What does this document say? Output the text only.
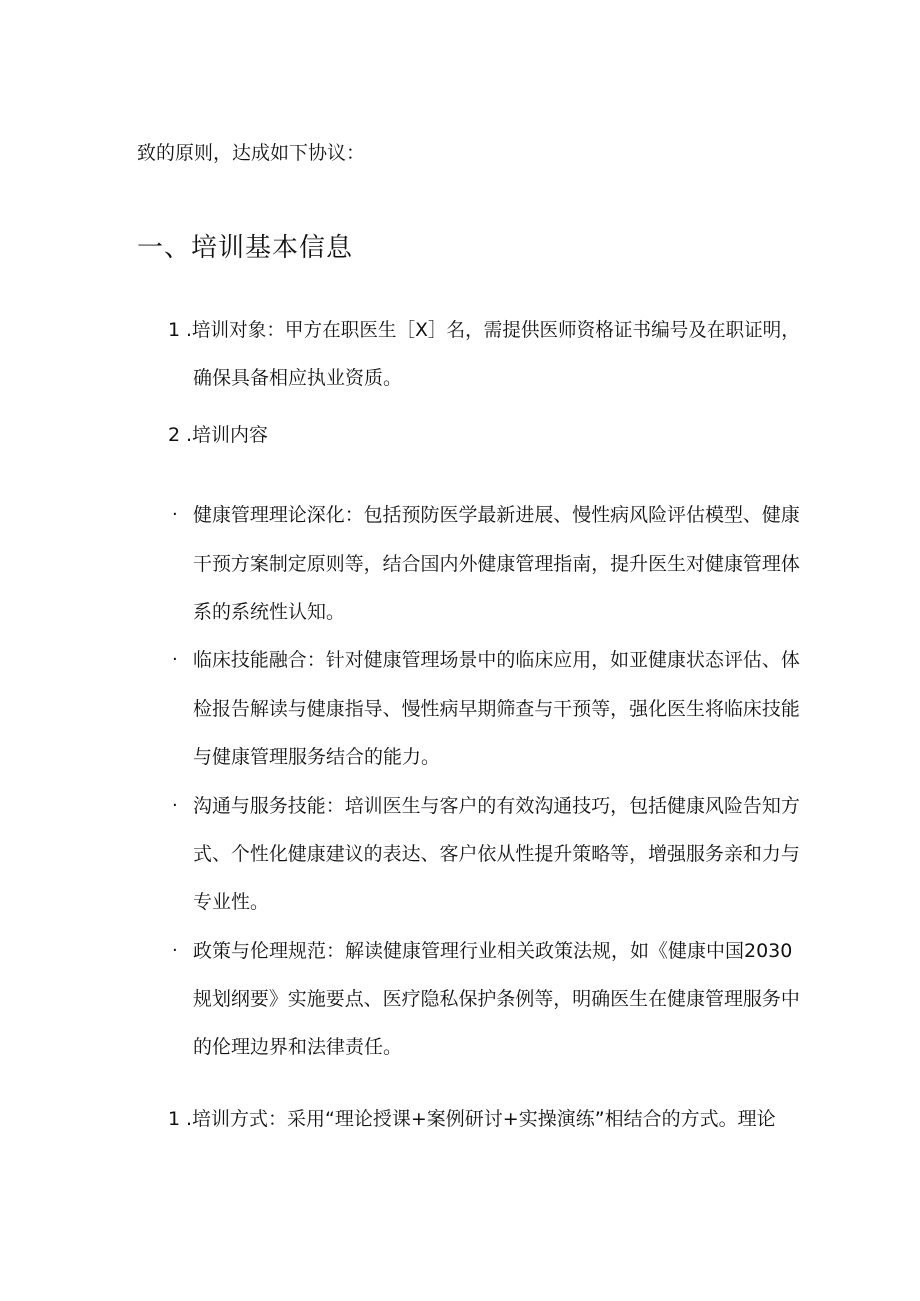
致的原则，达成如下协议：
一、培训基本信息
1 .培训对象：甲方在职医生［X］名，需提供医师资格证书编号及在职证明，
确保具备相应执业资质。
2 .培训内容
· 健康管理理论深化：包括预防医学最新进展、慢性病风险评估模型、健康
干预方案制定原则等，结合国内外健康管理指南，提升医生对健康管理体
系的系统性认知。
· 临床技能融合：针对健康管理场景中的临床应用，如亚健康状态评估、体
检报告解读与健康指导、慢性病早期筛查与干预等，强化医生将临床技能
与健康管理服务结合的能力。
· 沟通与服务技能：培训医生与客户的有效沟通技巧，包括健康风险告知方
式、个性化健康建议的表达、客户依从性提升策略等，增强服务亲和力与
专业性。
· 政策与伦理规范：解读健康管理行业相关政策法规，如《健康中国2030
规划纲要》实施要点、医疗隐私保护条例等，明确医生在健康管理服务中
的伦理边界和法律责任。
1 .培训方式：采用“理论授课+案例研讨+实操演练”相结合的方式。理论
